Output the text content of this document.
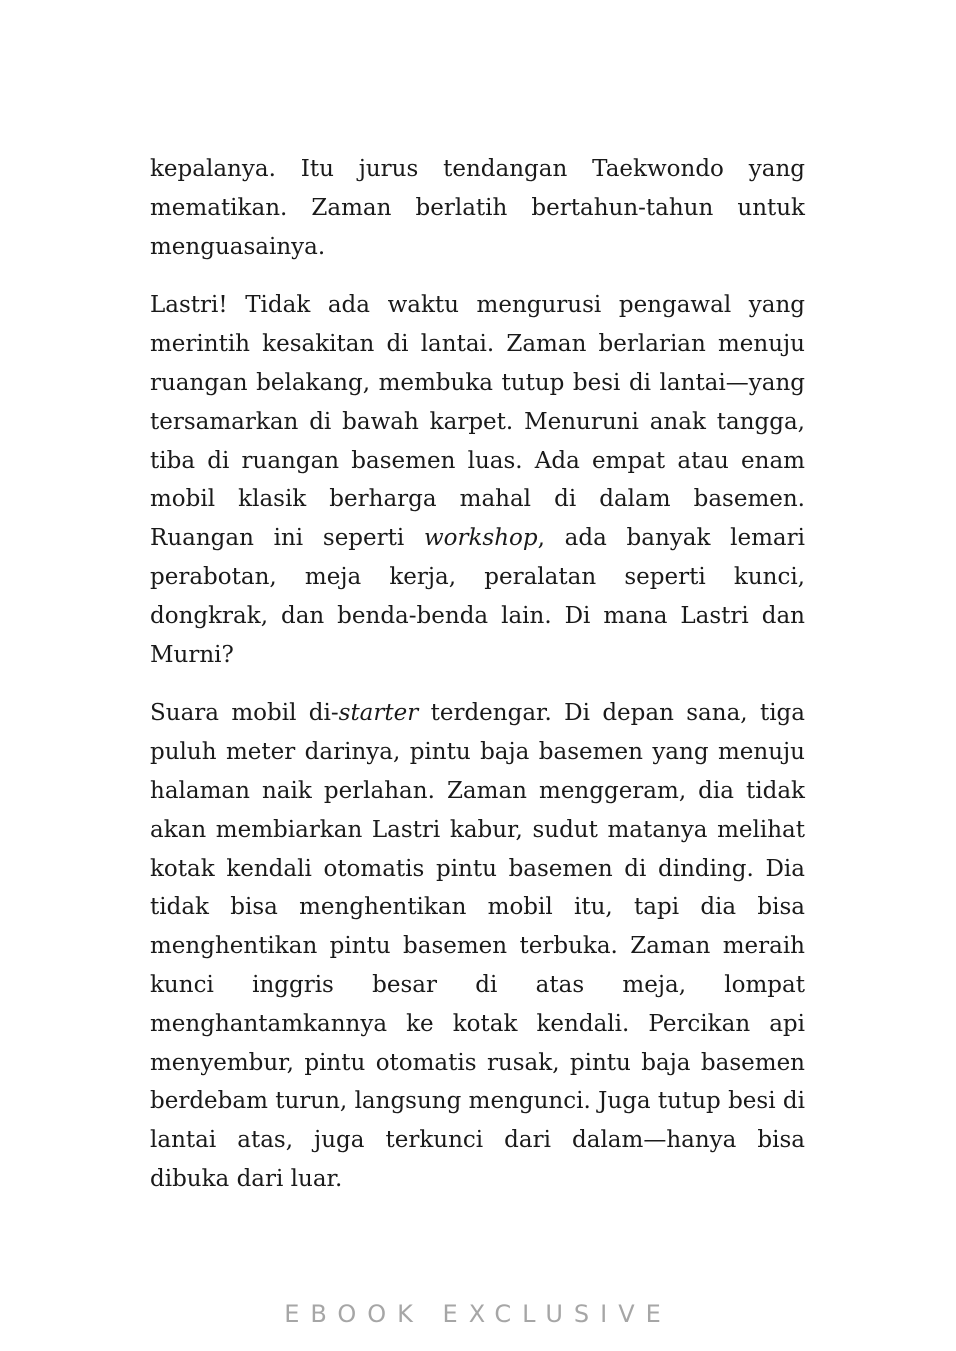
kepalanya. Itu jurus tendangan Taekwondo yang mematikan. Zaman berlatih bertahun-tahun untuk menguasainya.

Lastri! Tidak ada waktu mengurusi pengawal yang merintih kesakitan di lantai. Zaman berlarian menuju ruangan belakang, membuka tutup besi di lantai—yang tersamarkan di bawah karpet. Menuruni anak tangga, tiba di ruangan basemen luas. Ada empat atau enam mobil klasik berharga mahal di dalam basemen. Ruangan ini seperti workshop, ada banyak lemari perabotan, meja kerja, peralatan seperti kunci, dongkrak, dan benda-benda lain. Di mana Lastri dan Murni?

Suara mobil di-starter terdengar. Di depan sana, tiga puluh meter darinya, pintu baja basemen yang menuju halaman naik perlahan. Zaman menggeram, dia tidak akan membiarkan Lastri kabur, sudut matanya melihat kotak kendali otomatis pintu basemen di dinding. Dia tidak bisa menghentikan mobil itu, tapi dia bisa menghentikan pintu basemen terbuka. Zaman meraih kunci inggris besar di atas meja, lompat menghantamkannya ke kotak kendali. Percikan api menyembur, pintu otomatis rusak, pintu baja basemen berdebam turun, langsung mengunci. Juga tutup besi di lantai atas, juga terkunci dari dalam—hanya bisa dibuka dari luar.

EBOOK EXCLUSIVE
